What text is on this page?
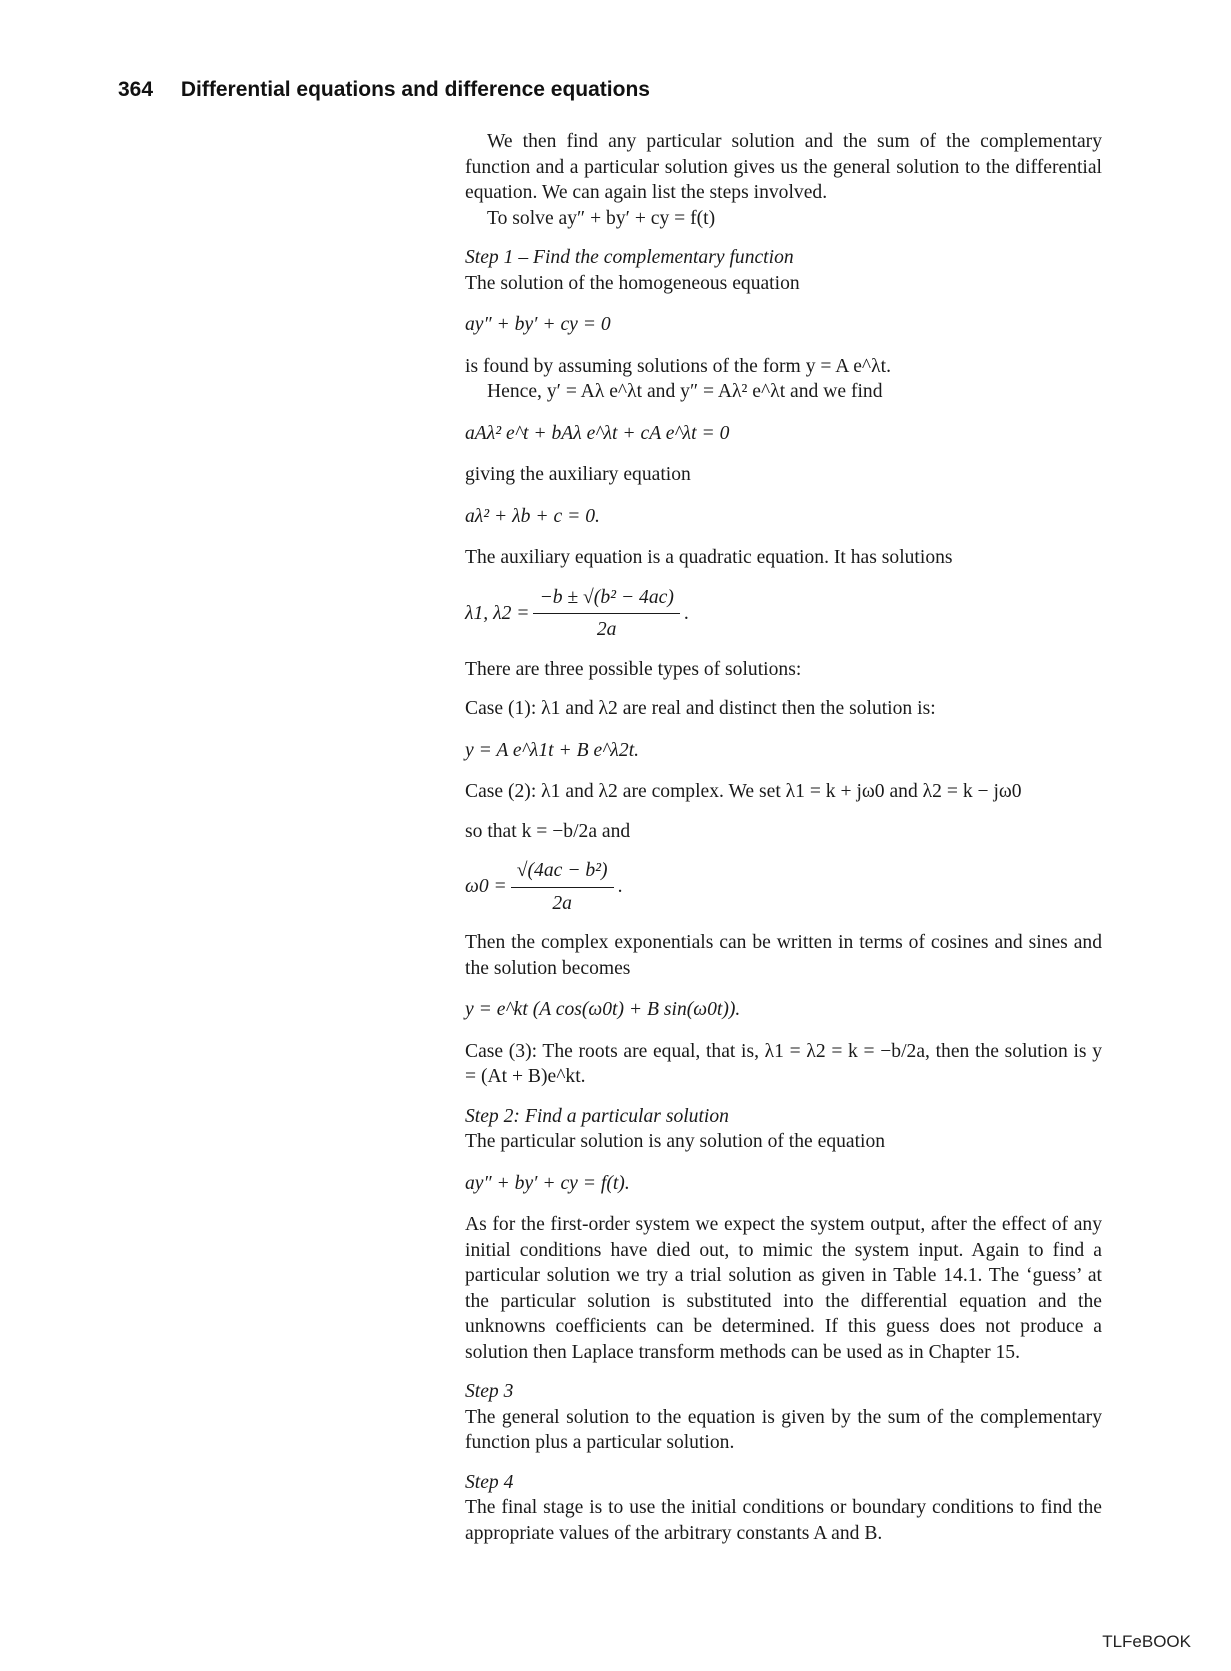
364 Differential equations and difference equations

We then find any particular solution and the sum of the complementary function and a particular solution gives us the general solution to the differential equation. We can again list the steps involved.

To solve ay″ + by′ + cy = f(t)

Step 1 – Find the complementary function

The solution of the homogeneous equation

ay″ + by′ + cy = 0

is found by assuming solutions of the form y = A e^λt.

Hence, y′ = Aλ e^λt and y″ = Aλ² e^λt and we find

aAλ² e^t + bAλ e^λt + cA e^λt = 0

giving the auxiliary equation

aλ² + λb + c = 0.

The auxiliary equation is a quadratic equation. It has solutions

λ1, $\lambda 2 = \frac{\text{−b ± √(b² − 4ac)}}{2a}$ .

There are three possible types of solutions:

Case (1): λ1 and λ2 are real and distinct then the solution is:

y = A e^λ1t + B e^λ2t.

Case (2): λ1 and λ2 are complex. We set λ1 = k + jω0 and λ2 = k − jω0

so that k = −b/2a and

$\omega 0 = \frac{\text{√(4ac − b²)}}{2a}$ .

Then the complex exponentials can be written in terms of cosines and sines and the solution becomes

y = e^kt (A cos(ω0t) + B sin(ω0t)).

Case (3): The roots are equal, that is, λ1 = λ2 = k = −b/2a, then the solution is y = (At + B)e^kt.

Step 2: Find a particular solution

The particular solution is any solution of the equation

ay″ + by′ + cy = f(t).

As for the first-order system we expect the system output, after the effect of any initial conditions have died out, to mimic the system input. Again to find a particular solution we try a trial solution as given in Table 14.1. The ‘guess’ at the particular solution is substituted into the differential equation and the unknowns coefficients can be determined. If this guess does not produce a solution then Laplace transform methods can be used as in Chapter 15.

Step 3

The general solution to the equation is given by the sum of the complementary function plus a particular solution.

Step 4

The final stage is to use the initial conditions or boundary conditions to find the appropriate values of the arbitrary constants A and B.

TLFeBOOK
